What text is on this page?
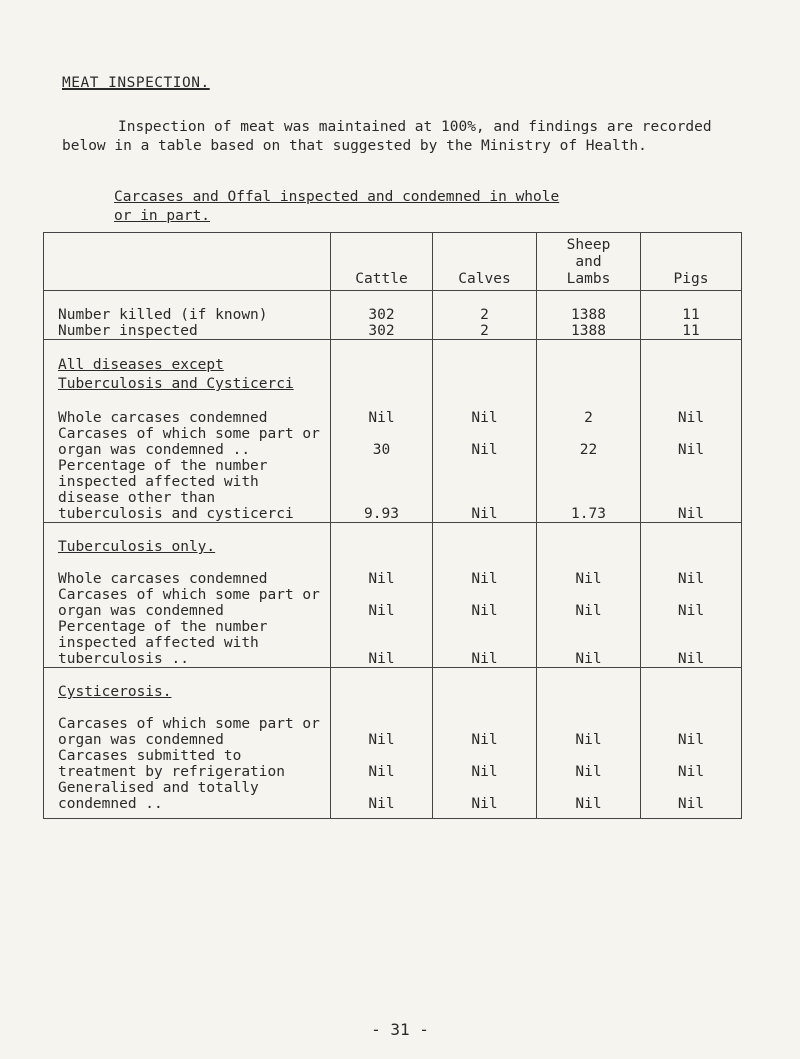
MEAT INSPECTION.

Inspection of meat was maintained at 100%, and findings are recorded below in a table based on that suggested by the Ministry of Health.

Carcases and Offal inspected and condemned in whole or in part.
	Cattle	Calves	Sheep and Lambs	Pigs

Number killed (if known)	302	2	1388	11
Number inspected	302	2	1388	11

All diseases except Tuberculosis and Cysticerci				

Whole carcases condemned	Nil	Nil	2	Nil
Carcases of which some part or organ was condemned ..	30	Nil	22	Nil
Percentage of the number inspected affected with disease other than tuberculosis and cysticerci	9.93	Nil	1.73	Nil

Tuberculosis only.				

Whole carcases condemned	Nil	Nil	Nil	Nil
Carcases of which some part or organ was condemned	Nil	Nil	Nil	Nil
Percentage of the number inspected affected with tuberculosis ..	Nil	Nil	Nil	Nil

Cysticerosis.				

Carcases of which some part or organ was condemned	Nil	Nil	Nil	Nil
Carcases submitted to treatment by refrigeration	Nil	Nil	Nil	Nil
Generalised and totally condemned ..	Nil	Nil	Nil	Nil
- 31 -
